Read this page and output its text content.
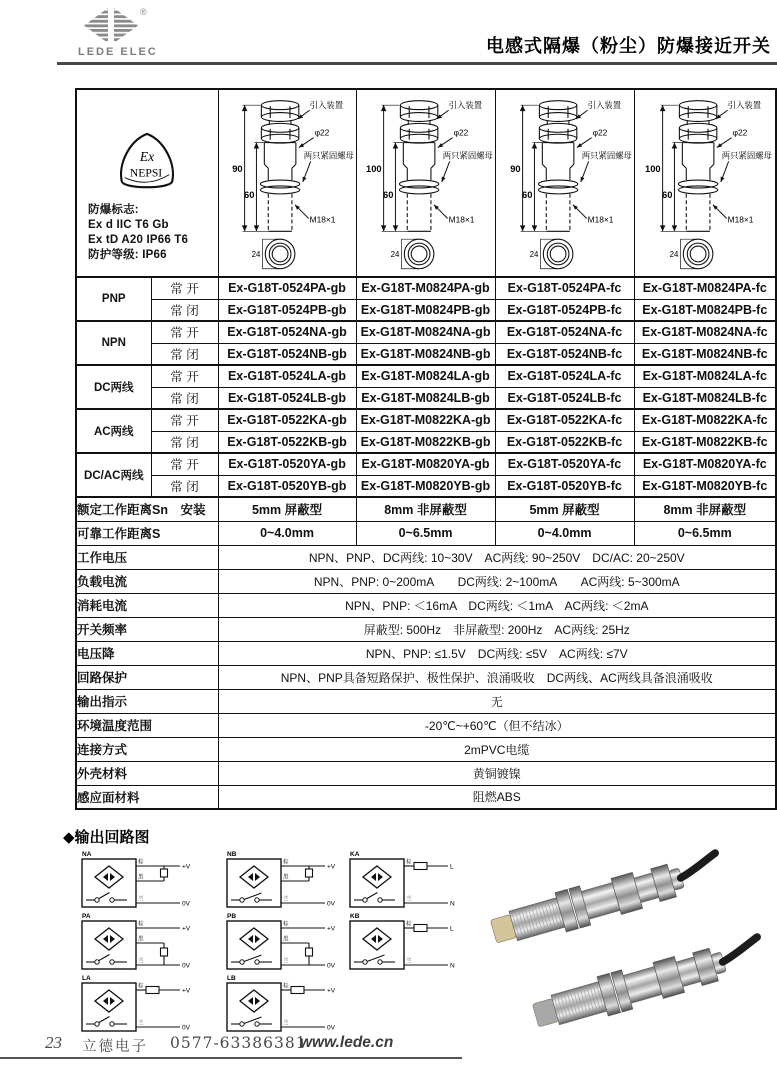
®
LEDE ELEC	电感式隔爆（粉尘）防爆接近开关
Ex
NEPSI
防爆标志:
Ex d IIC T6 Gb
Ex tD A20 IP66 T6
防护等级: IP66

90
60
24
引入装置
φ22
两只紧固螺母
M18×1

100
60
24
引入装置
φ22
两只紧固螺母
M18×1

90
60
24
引入装置
φ22
两只紧固螺母
M18×1

100
60
24
引入装置
φ22
两只紧固螺母
M18×1

PNP	常 开	Ex-G18T-0524PA-gb	Ex-G18T-M0824PA-gb	Ex-G18T-0524PA-fc	Ex-G18T-M0824PA-fc
	常 闭	Ex-G18T-0524PB-gb	Ex-G18T-M0824PB-gb	Ex-G18T-0524PB-fc	Ex-G18T-M0824PB-fc
NPN	常 开	Ex-G18T-0524NA-gb	Ex-G18T-M0824NA-gb	Ex-G18T-0524NA-fc	Ex-G18T-M0824NA-fc
	常 闭	Ex-G18T-0524NB-gb	Ex-G18T-M0824NB-gb	Ex-G18T-0524NB-fc	Ex-G18T-M0824NB-fc
DC两线	常 开	Ex-G18T-0524LA-gb	Ex-G18T-M0824LA-gb	Ex-G18T-0524LA-fc	Ex-G18T-M0824LA-fc
	常 闭	Ex-G18T-0524LB-gb	Ex-G18T-M0824LB-gb	Ex-G18T-0524LB-fc	Ex-G18T-M0824LB-fc
AC两线	常 开	Ex-G18T-0522KA-gb	Ex-G18T-M0822KA-gb	Ex-G18T-0522KA-fc	Ex-G18T-M0822KA-fc
	常 闭	Ex-G18T-0522KB-gb	Ex-G18T-M0822KB-gb	Ex-G18T-0522KB-fc	Ex-G18T-M0822KB-fc
DC/AC两线	常 开	Ex-G18T-0520YA-gb	Ex-G18T-M0820YA-gb	Ex-G18T-0520YA-fc	Ex-G18T-M0820YA-fc
	常 闭	Ex-G18T-0520YB-gb	Ex-G18T-M0820YB-gb	Ex-G18T-0520YB-fc	Ex-G18T-M0820YB-fc
额定工作距离Sn　安装		5mm 屏蔽型	8mm 非屏蔽型	5mm 屏蔽型	8mm 非屏蔽型
可靠工作距离S		0~4.0mm	0~6.5mm	0~4.0mm	0~6.5mm
工作电压		NPN、PNP、DC两线: 10~30V　AC两线: 90~250V　DC/AC: 20~250V			
负载电流		NPN、PNP: 0~200mA　　DC两线: 2~100mA　　AC两线: 5~300mA			
消耗电流		NPN、PNP: ＜16mA　DC两线: ＜1mA　AC两线: ＜2mA			
开关频率		屏蔽型: 500Hz　非屏蔽型: 200Hz　AC两线: 25Hz			
电压降		NPN、PNP: ≤1.5V　DC两线: ≤5V　AC两线: ≤7V			
回路保护		NPN、PNP具备短路保护、极性保护、浪涌吸收　DC两线、AC两线具备浪涌吸收			
输出指示		无			
环境温度范围		-20℃~+60℃（但不结冰）			
连接方式		2mPVC电缆			
外壳材料		黄铜镀镍			
感应面材料		阻燃ABS			
◆输出回路图
NA
棕
黑
兰
+V
0V
NB
棕
黑
兰
+V
0V
KA
棕
兰
L
N
PA
棕
黑
兰
+V
0V
PB
棕
黑
兰
+V
0V
KB
棕
兰
L
N
LA
棕
兰
+V
0V
LB
棕
兰
+V
0V
23 立德电子 0577-63386381
www.lede.cn
